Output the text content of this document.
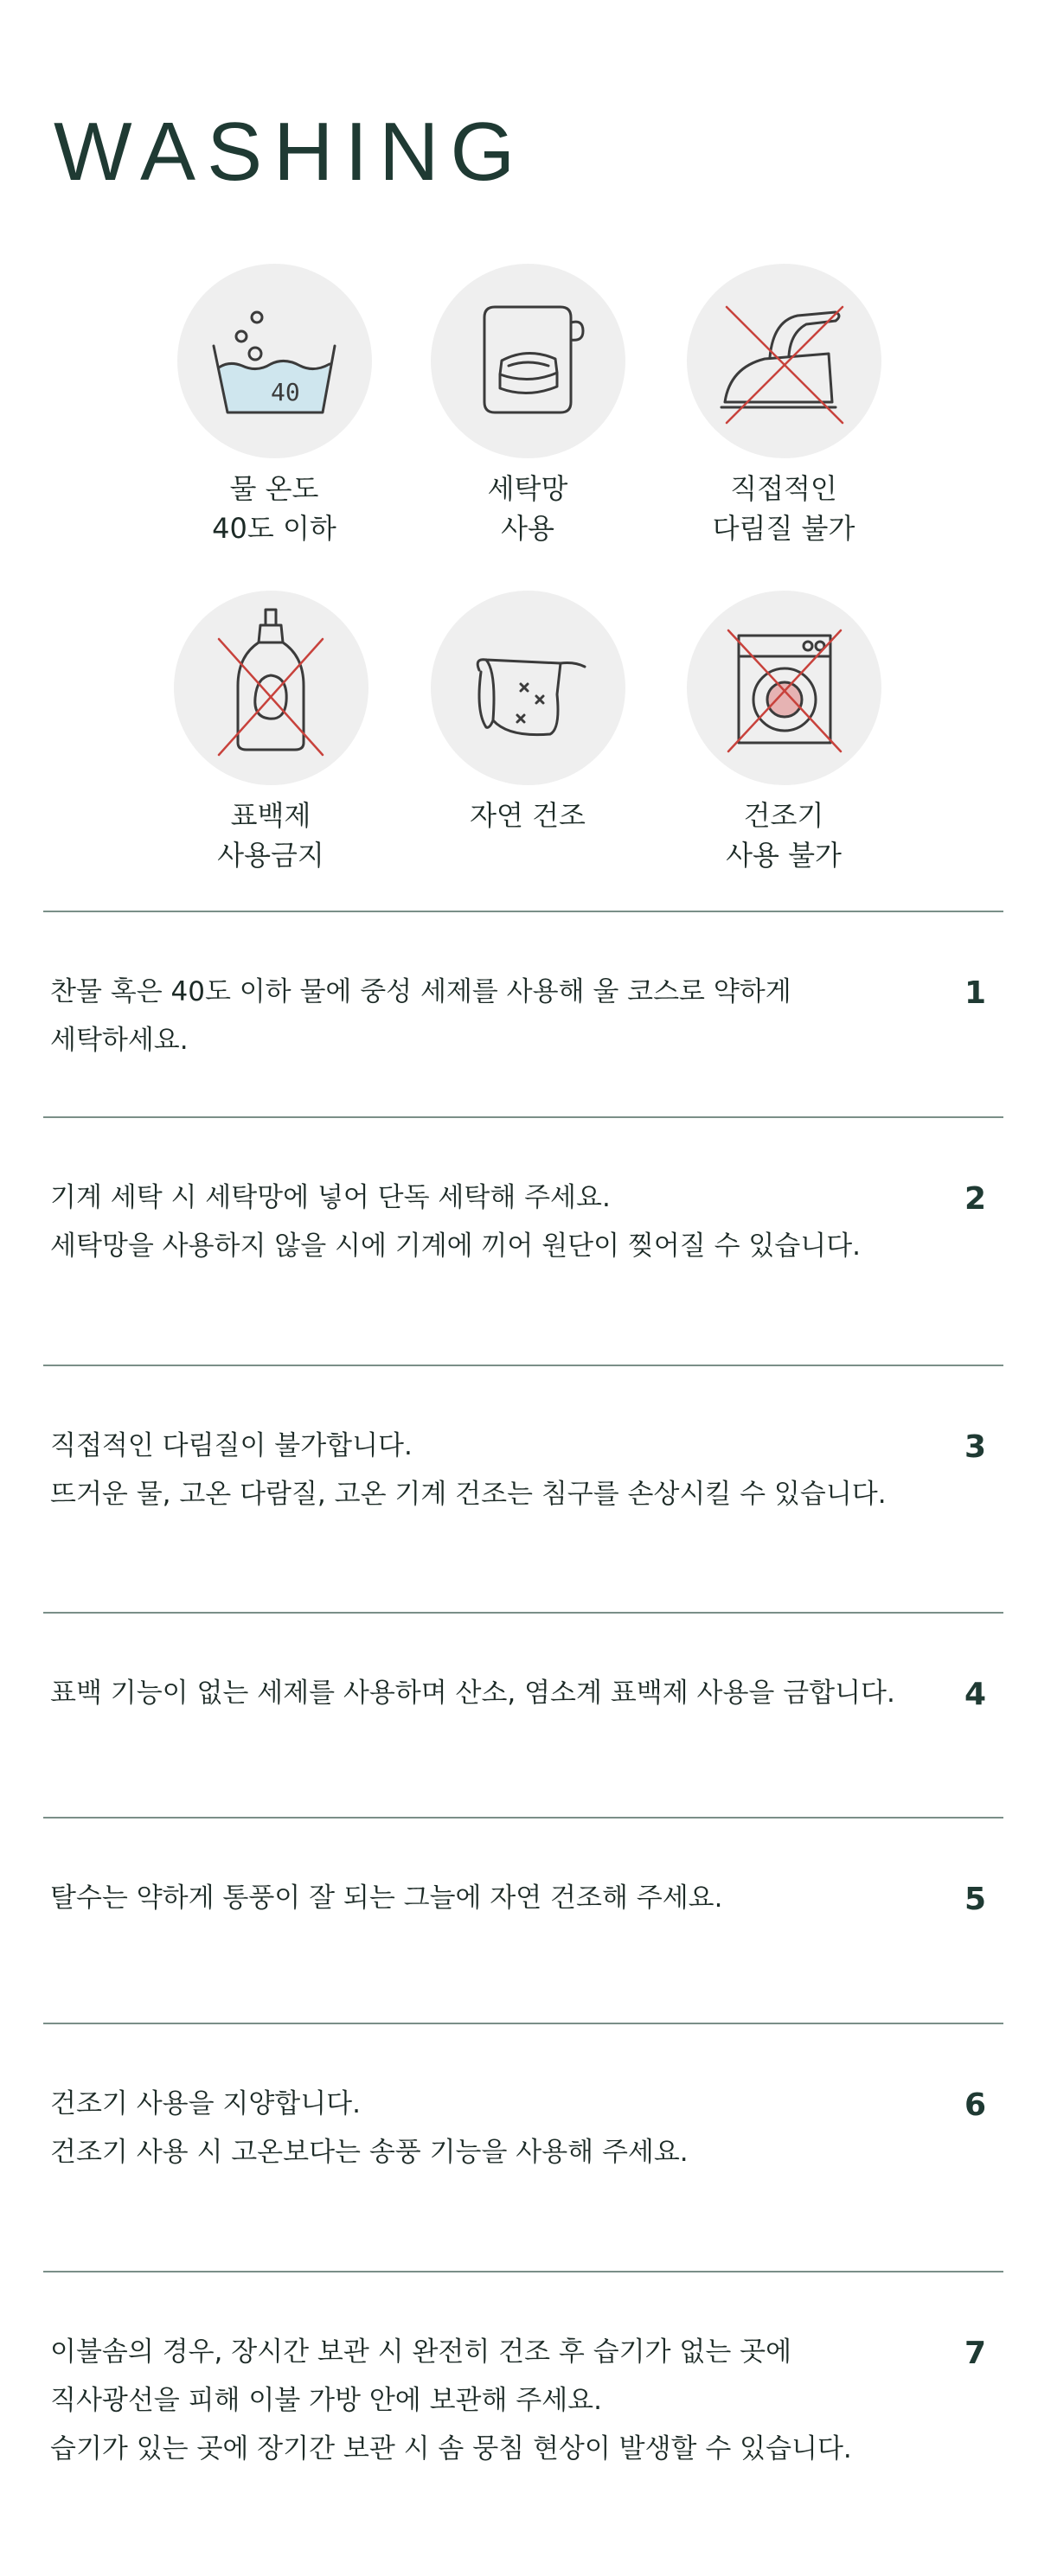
WASHING
40
물 온도
40도 이하
세탁망
사용
직접적인
다림질 불가
표백제
사용금지
자연 건조	건조기
사용 불가
찬물 혹은 40도 이하 물에 중성 세제를 사용해 울 코스로 약하게
세탁하세요.
1
기계 세탁 시 세탁망에 넣어 단독 세탁해 주세요.
세탁망을 사용하지 않을 시에 기계에 끼어 원단이 찢어질 수 있습니다.
2
직접적인 다림질이 불가합니다.
뜨거운 물, 고온 다람질, 고온 기계 건조는 침구를 손상시킬 수 있습니다.
3
표백 기능이 없는 세제를 사용하며 산소, 염소계 표백제 사용을 금합니다. 4
탈수는 약하게 통풍이 잘 되는 그늘에 자연 건조해 주세요.	5
건조기 사용을 지양합니다.
건조기 사용 시 고온보다는 송풍 기능을 사용해 주세요.
6
이불솜의 경우, 장시간 보관 시 완전히 건조 후 습기가 없는 곳에
직사광선을 피해 이불 가방 안에 보관해 주세요.
습기가 있는 곳에 장기간 보관 시 솜 뭉침 현상이 발생할 수 있습니다.
7
